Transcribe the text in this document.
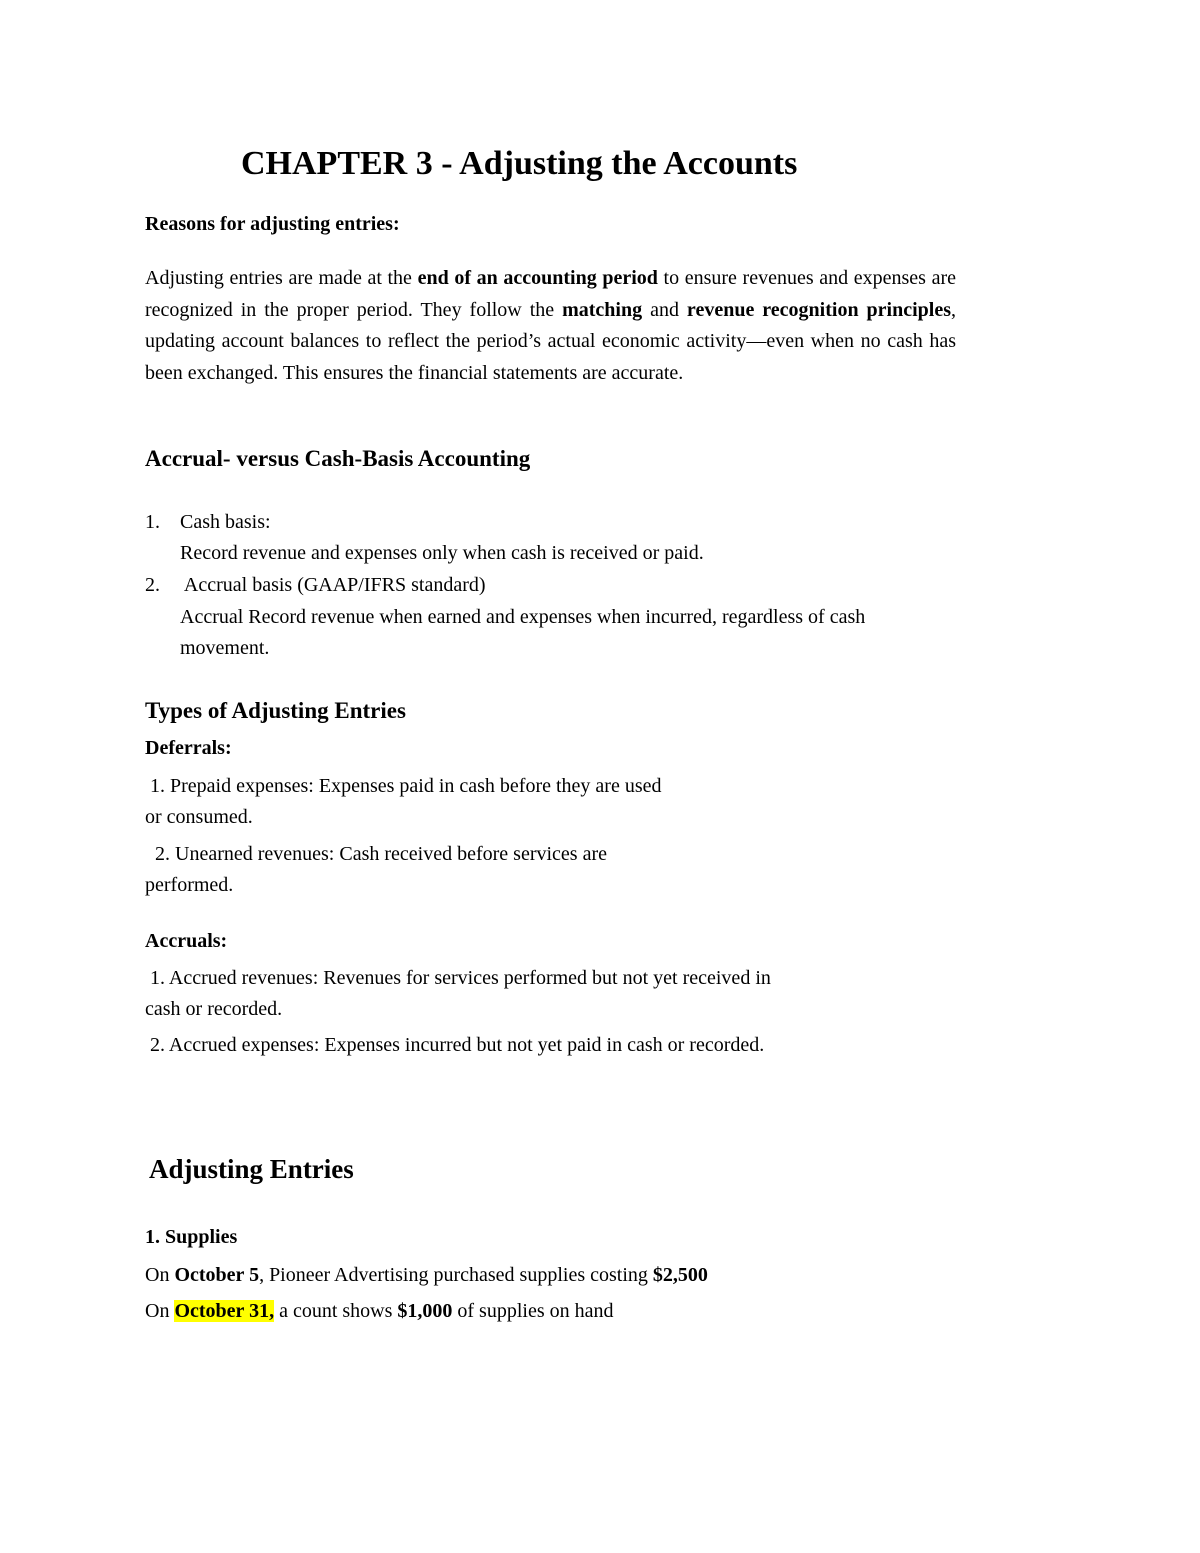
CHAPTER 3 - Adjusting the Accounts
Reasons for adjusting entries:
Adjusting entries are made at the end of an accounting period to ensure revenues and expenses are recognized in the proper period. They follow the matching and revenue recognition principles, updating account balances to reflect the period’s actual economic activity—even when no cash has been exchanged. This ensures the financial statements are accurate.
Accrual- versus Cash-Basis Accounting
1. Cash basis:
Record revenue and expenses only when cash is received or paid.
2. Accrual basis (GAAP/IFRS standard)
Accrual Record revenue when earned and expenses when incurred, regardless of cash
movement.
Types of Adjusting Entries
Deferrals:
1. Prepaid expenses: Expenses paid in cash before they are used
or consumed.
2. Unearned revenues: Cash received before services are
performed.
Accruals:
1. Accrued revenues: Revenues for services performed but not yet received in
cash or recorded.
2. Accrued expenses: Expenses incurred but not yet paid in cash or recorded.
Adjusting Entries
1. Supplies
On October 5, Pioneer Advertising purchased supplies costing $2,500
On October 31, a count shows $1,000 of supplies on hand
